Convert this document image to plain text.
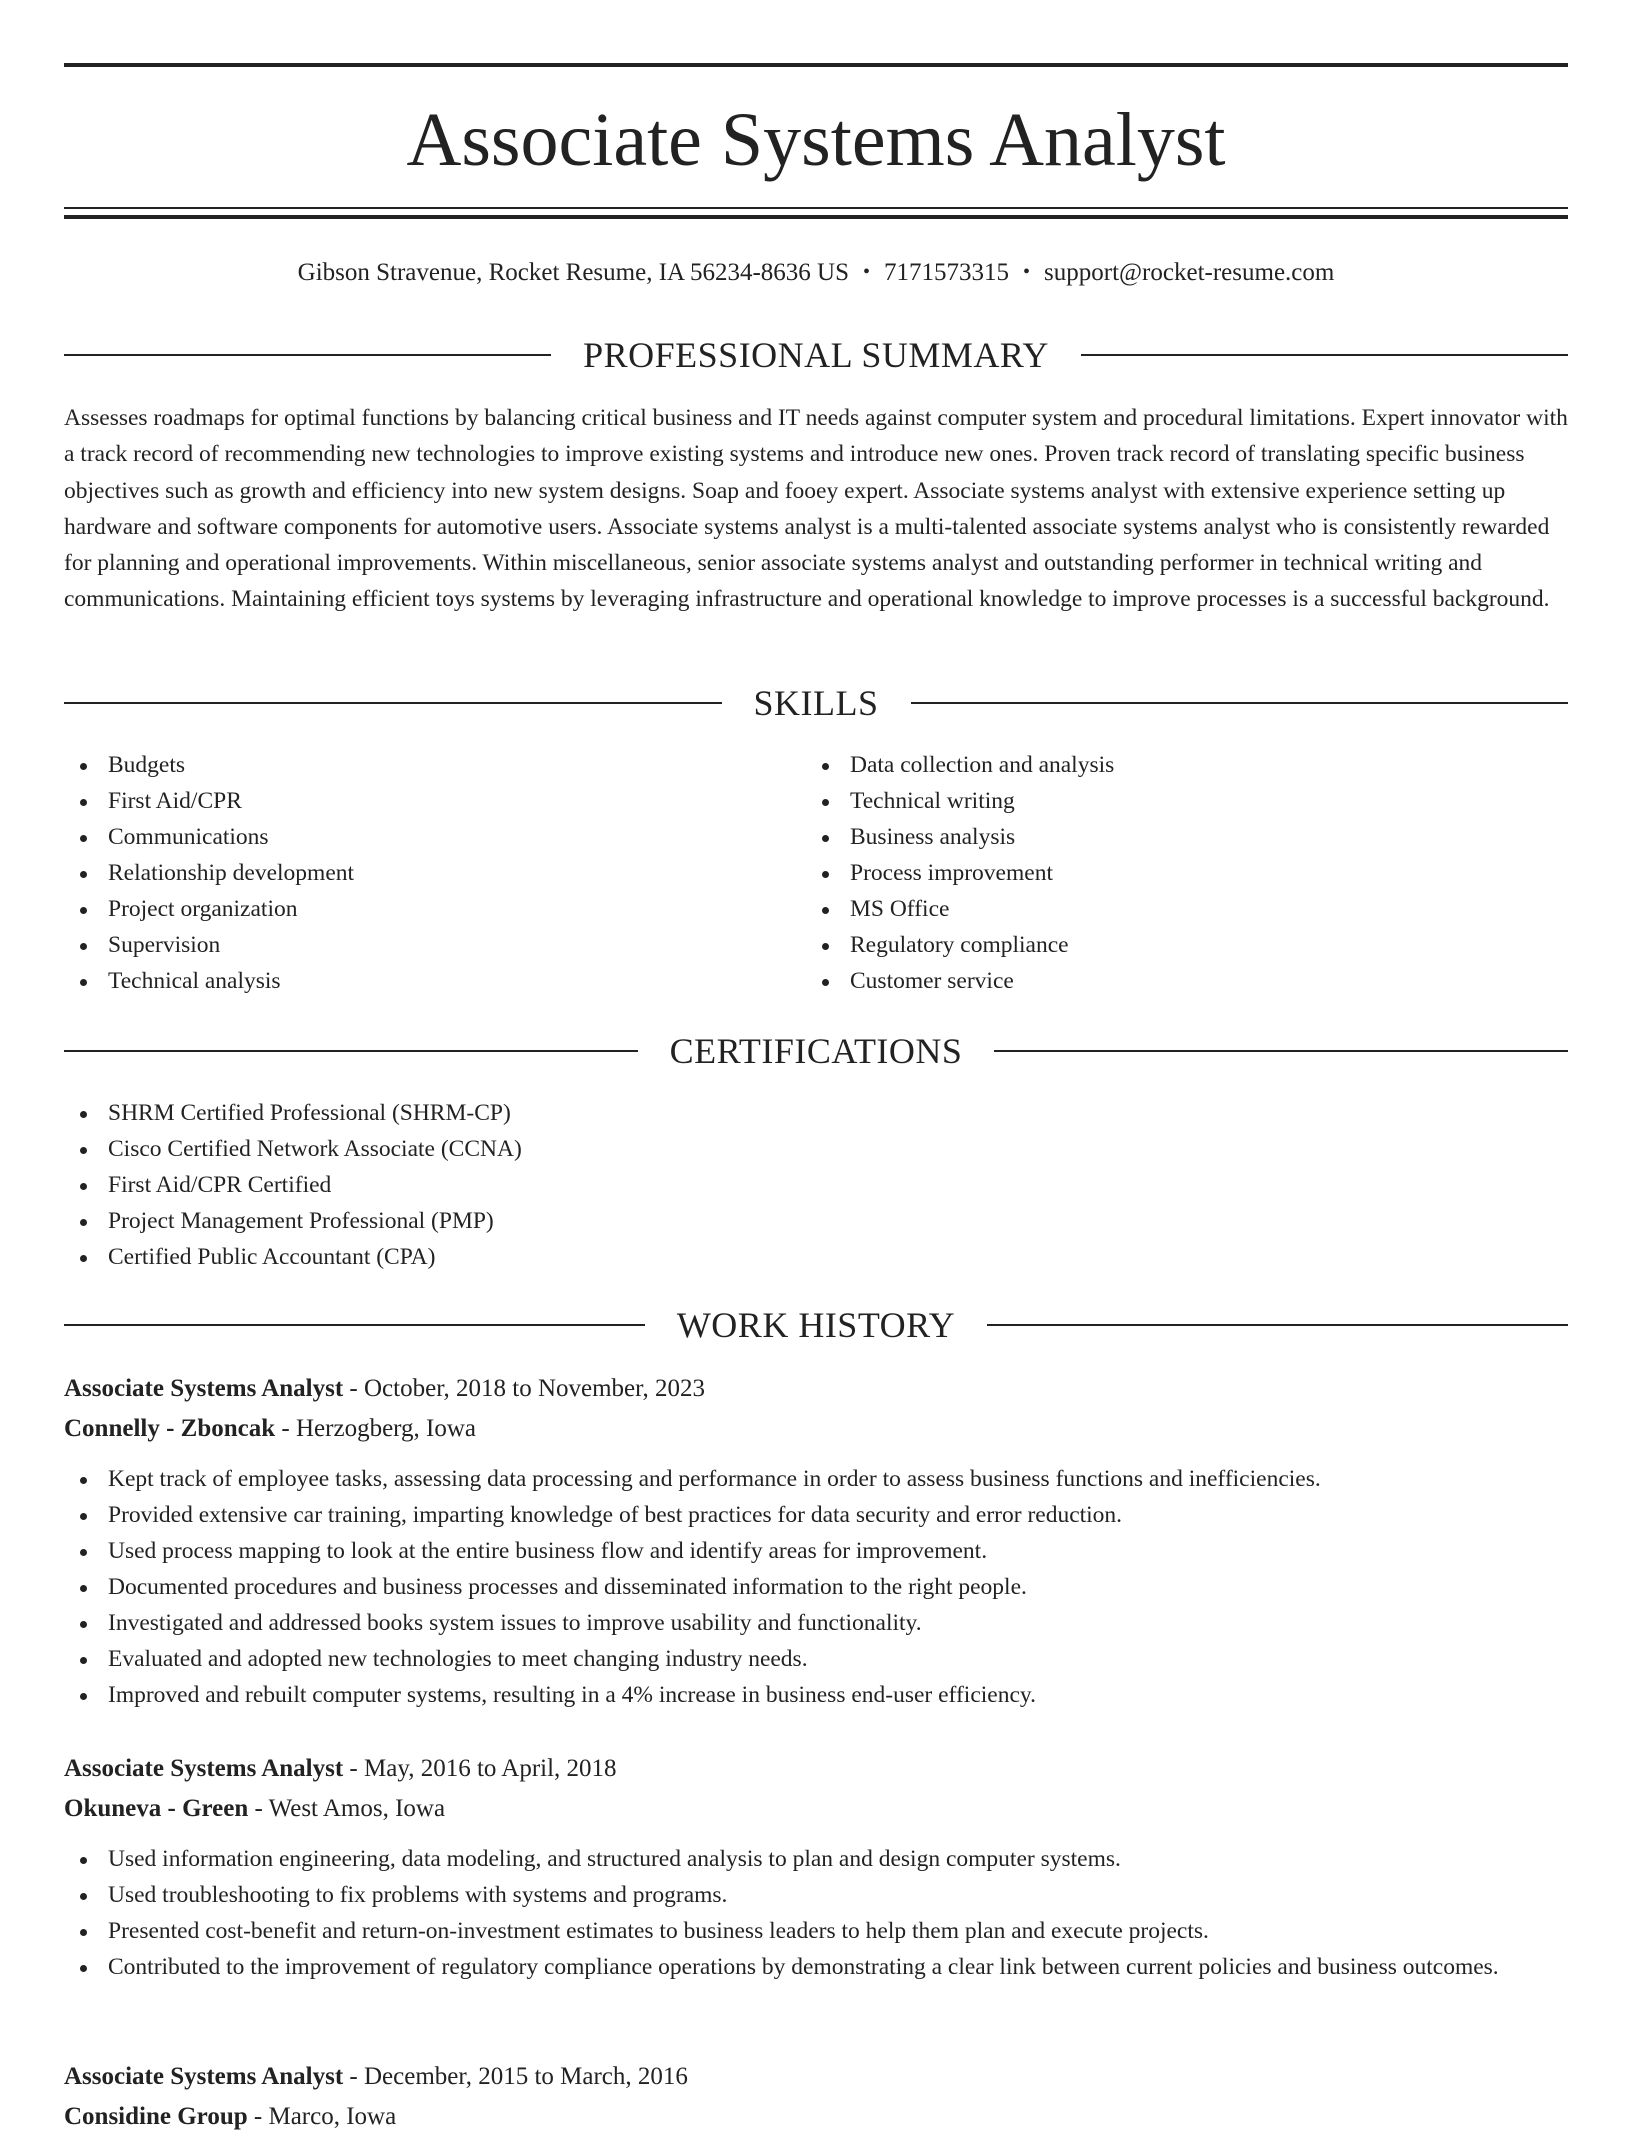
Associate Systems Analyst
Gibson Stravenue, Rocket Resume, IA 56234-8636 US • 7171573315 • support@rocket-resume.com
PROFESSIONAL SUMMARY

Assesses roadmaps for optimal functions by balancing critical business and IT needs against computer system and procedural limitations. Expert innovator with a track record of recommending new technologies to improve existing systems and introduce new ones. Proven track record of translating specific business objectives such as growth and efficiency into new system designs. Soap and fooey expert. Associate systems analyst with extensive experience setting up hardware and software components for automotive users. Associate systems analyst is a multi-talented associate systems analyst who is consistently rewarded for planning and operational improvements. Within miscellaneous, senior associate systems analyst and outstanding performer in technical writing and communications. Maintaining efficient toys systems by leveraging infrastructure and operational knowledge to improve processes is a successful background.

SKILLS
Budgets
First Aid/CPR
Communications
Relationship development
Project organization
Supervision
Technical analysis
Data collection and analysis
Technical writing
Business analysis
Process improvement
MS Office
Regulatory compliance
Customer service
CERTIFICATIONS
SHRM Certified Professional (SHRM-CP)
Cisco Certified Network Associate (CCNA)
First Aid/CPR Certified
Project Management Professional (PMP)
Certified Public Accountant (CPA)
WORK HISTORY
Associate Systems Analyst - October, 2018 to November, 2023
Connelly - Zboncak - Herzogberg, Iowa
Kept track of employee tasks, assessing data processing and performance in order to assess business functions and inefficiencies.
Provided extensive car training, imparting knowledge of best practices for data security and error reduction.
Used process mapping to look at the entire business flow and identify areas for improvement.
Documented procedures and business processes and disseminated information to the right people.
Investigated and addressed books system issues to improve usability and functionality.
Evaluated and adopted new technologies to meet changing industry needs.
Improved and rebuilt computer systems, resulting in a 4% increase in business end-user efficiency.
Associate Systems Analyst - May, 2016 to April, 2018
Okuneva - Green - West Amos, Iowa
Used information engineering, data modeling, and structured analysis to plan and design computer systems.
Used troubleshooting to fix problems with systems and programs.
Presented cost-benefit and return-on-investment estimates to business leaders to help them plan and execute projects.
Contributed to the improvement of regulatory compliance operations by demonstrating a clear link between current policies and business outcomes.
Associate Systems Analyst - December, 2015 to March, 2016
Considine Group - Marco, Iowa
